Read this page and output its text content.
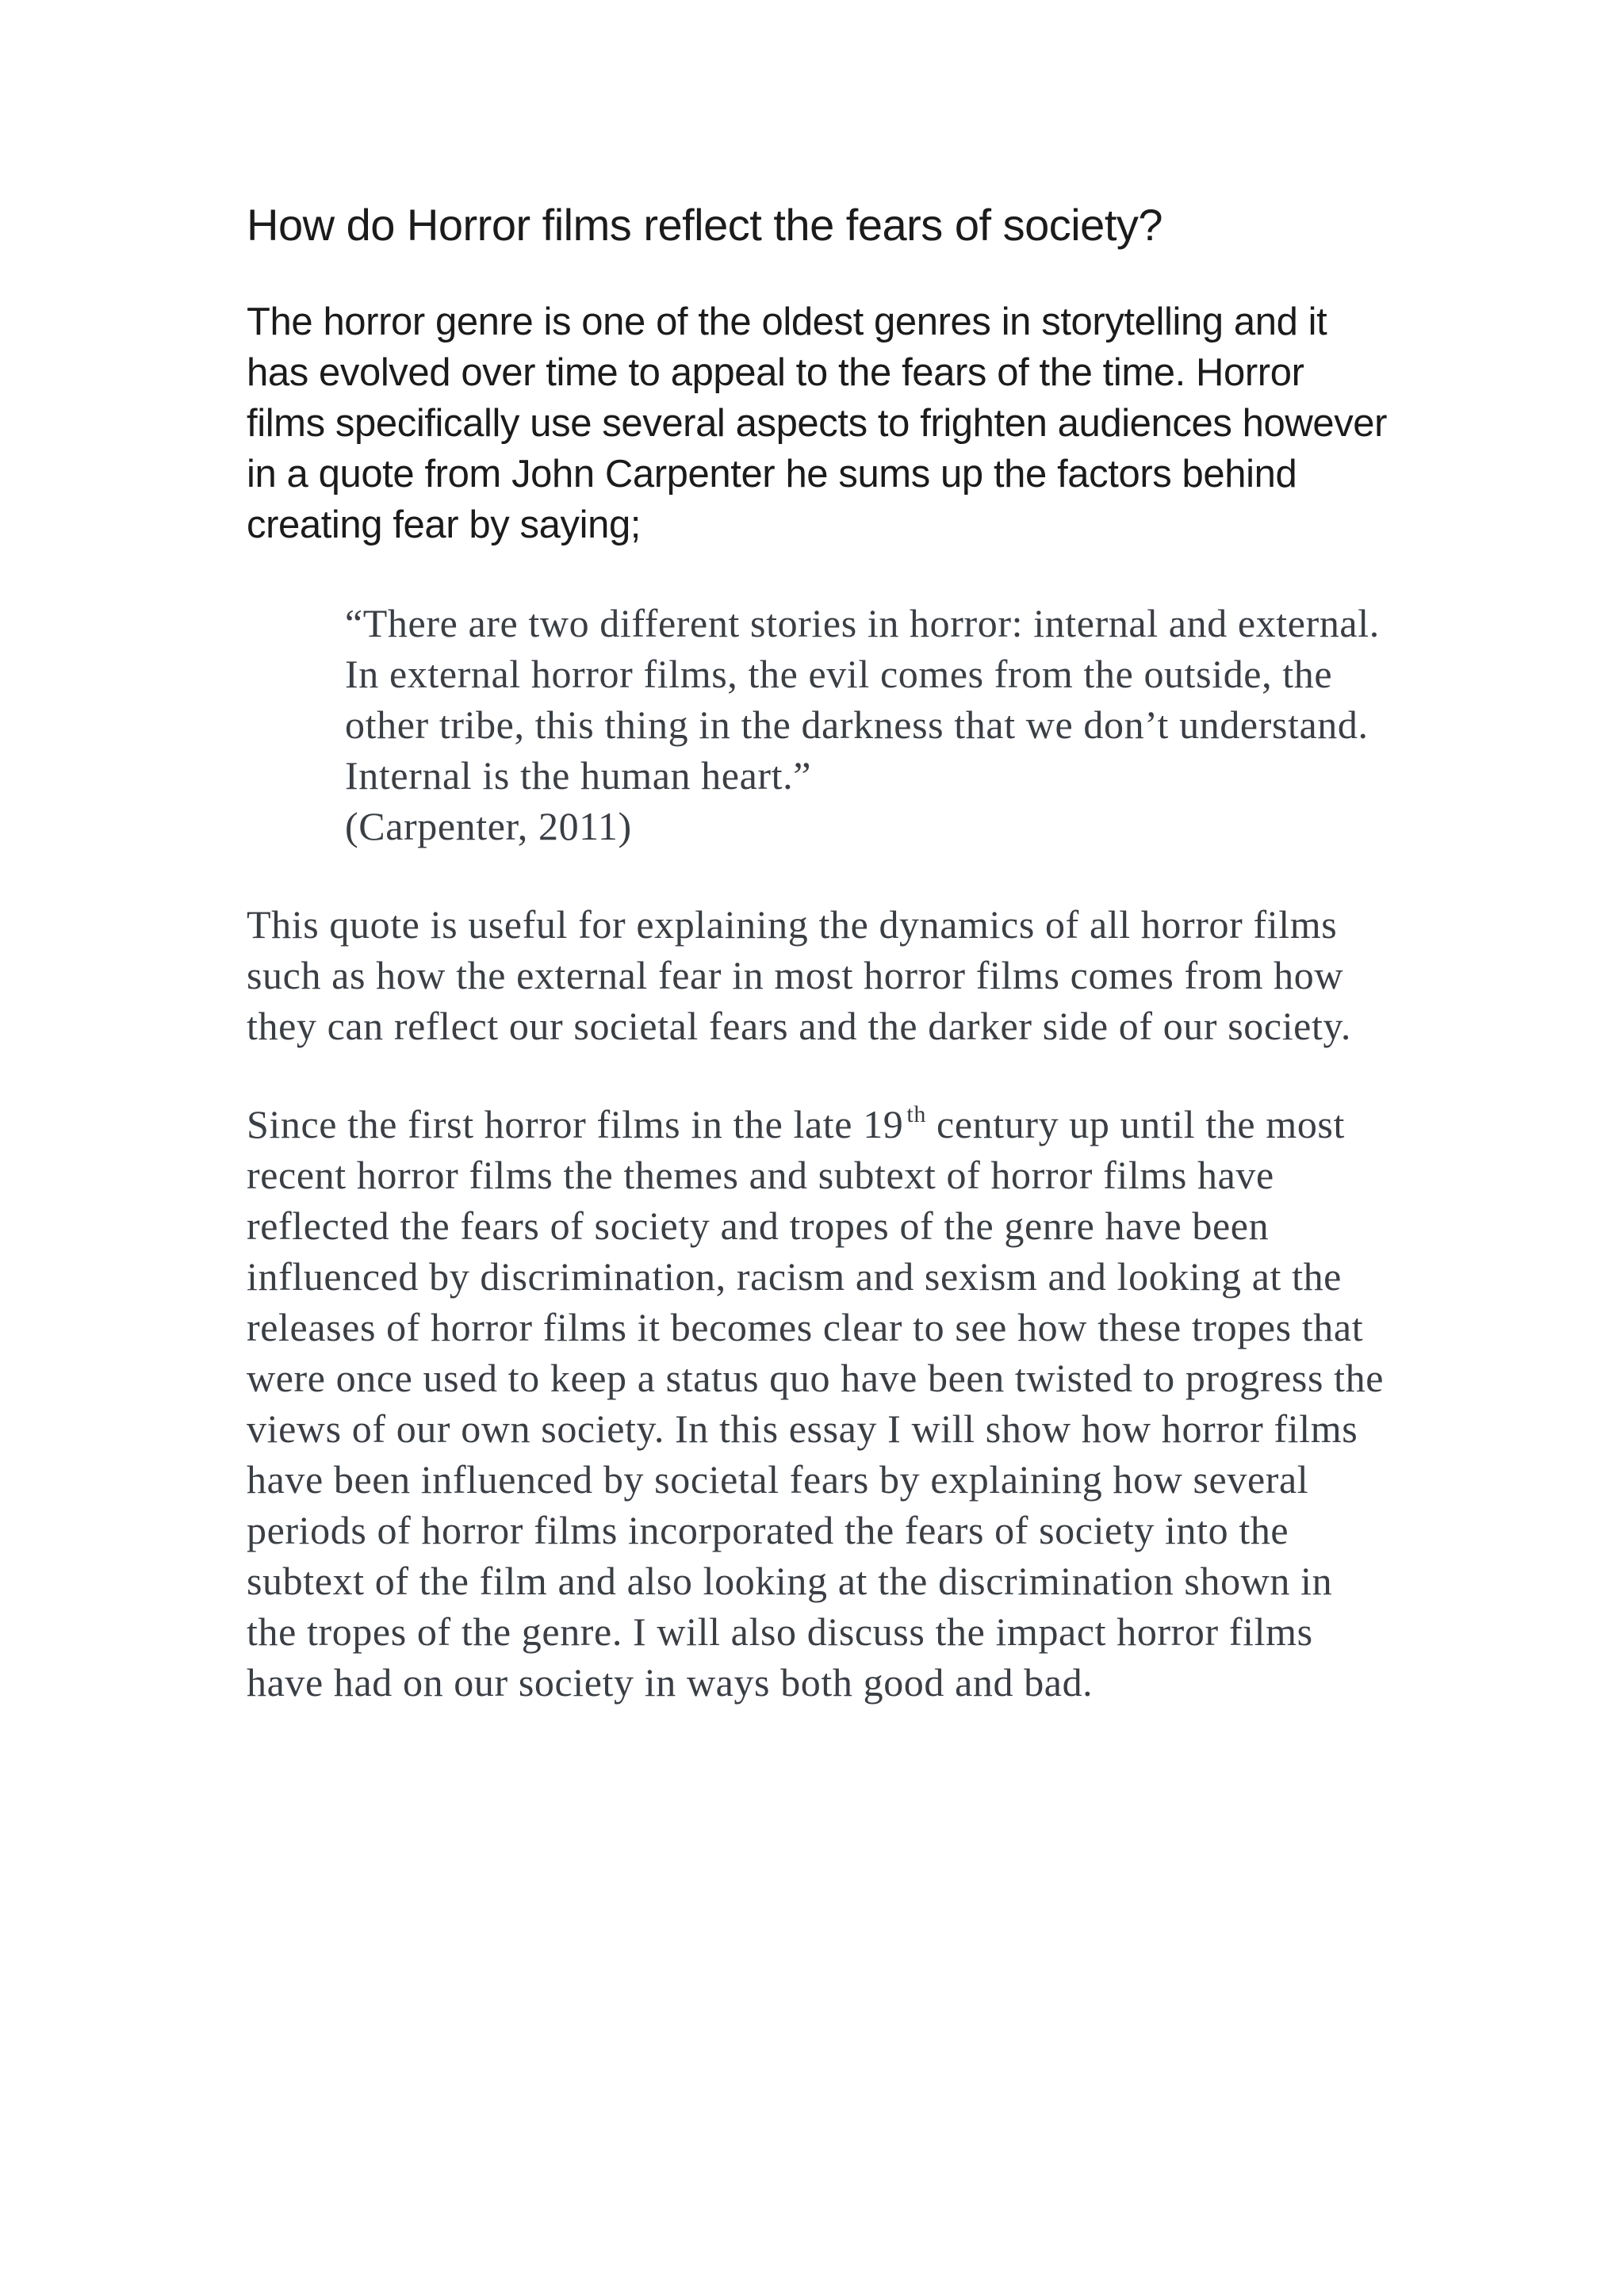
How do Horror films reflect the fears of society?

The horror genre is one of the oldest genres in storytelling and it has evolved over time to appeal to the fears of the time. Horror films specifically use several aspects to frighten audiences however in a quote from John Carpenter he sums up the factors behind creating fear by saying;

“There are two different stories in horror: internal and external. In external horror films, the evil comes from the outside, the other tribe, this thing in the darkness that we don’t understand. Internal is the human heart.”
(Carpenter, 2011)

This quote is useful for explaining the dynamics of all horror films such as how the external fear in most horror films comes from how they can reflect our societal fears and the darker side of our society.

Since the first horror films in the late 19 $^{th}$ century up until the most recent horror films the themes and subtext of horror films have reflected the fears of society and tropes of the genre have been influenced by discrimination, racism and sexism and looking at the releases of horror films it becomes clear to see how these tropes that were once used to keep a status quo have been twisted to progress the views of our own society. In this essay I will show how horror films have been influenced by societal fears by explaining how several periods of horror films incorporated the fears of society into the subtext of the film and also looking at the discrimination shown in the tropes of the genre. I will also discuss the impact horror films have had on our society in ways both good and bad.
